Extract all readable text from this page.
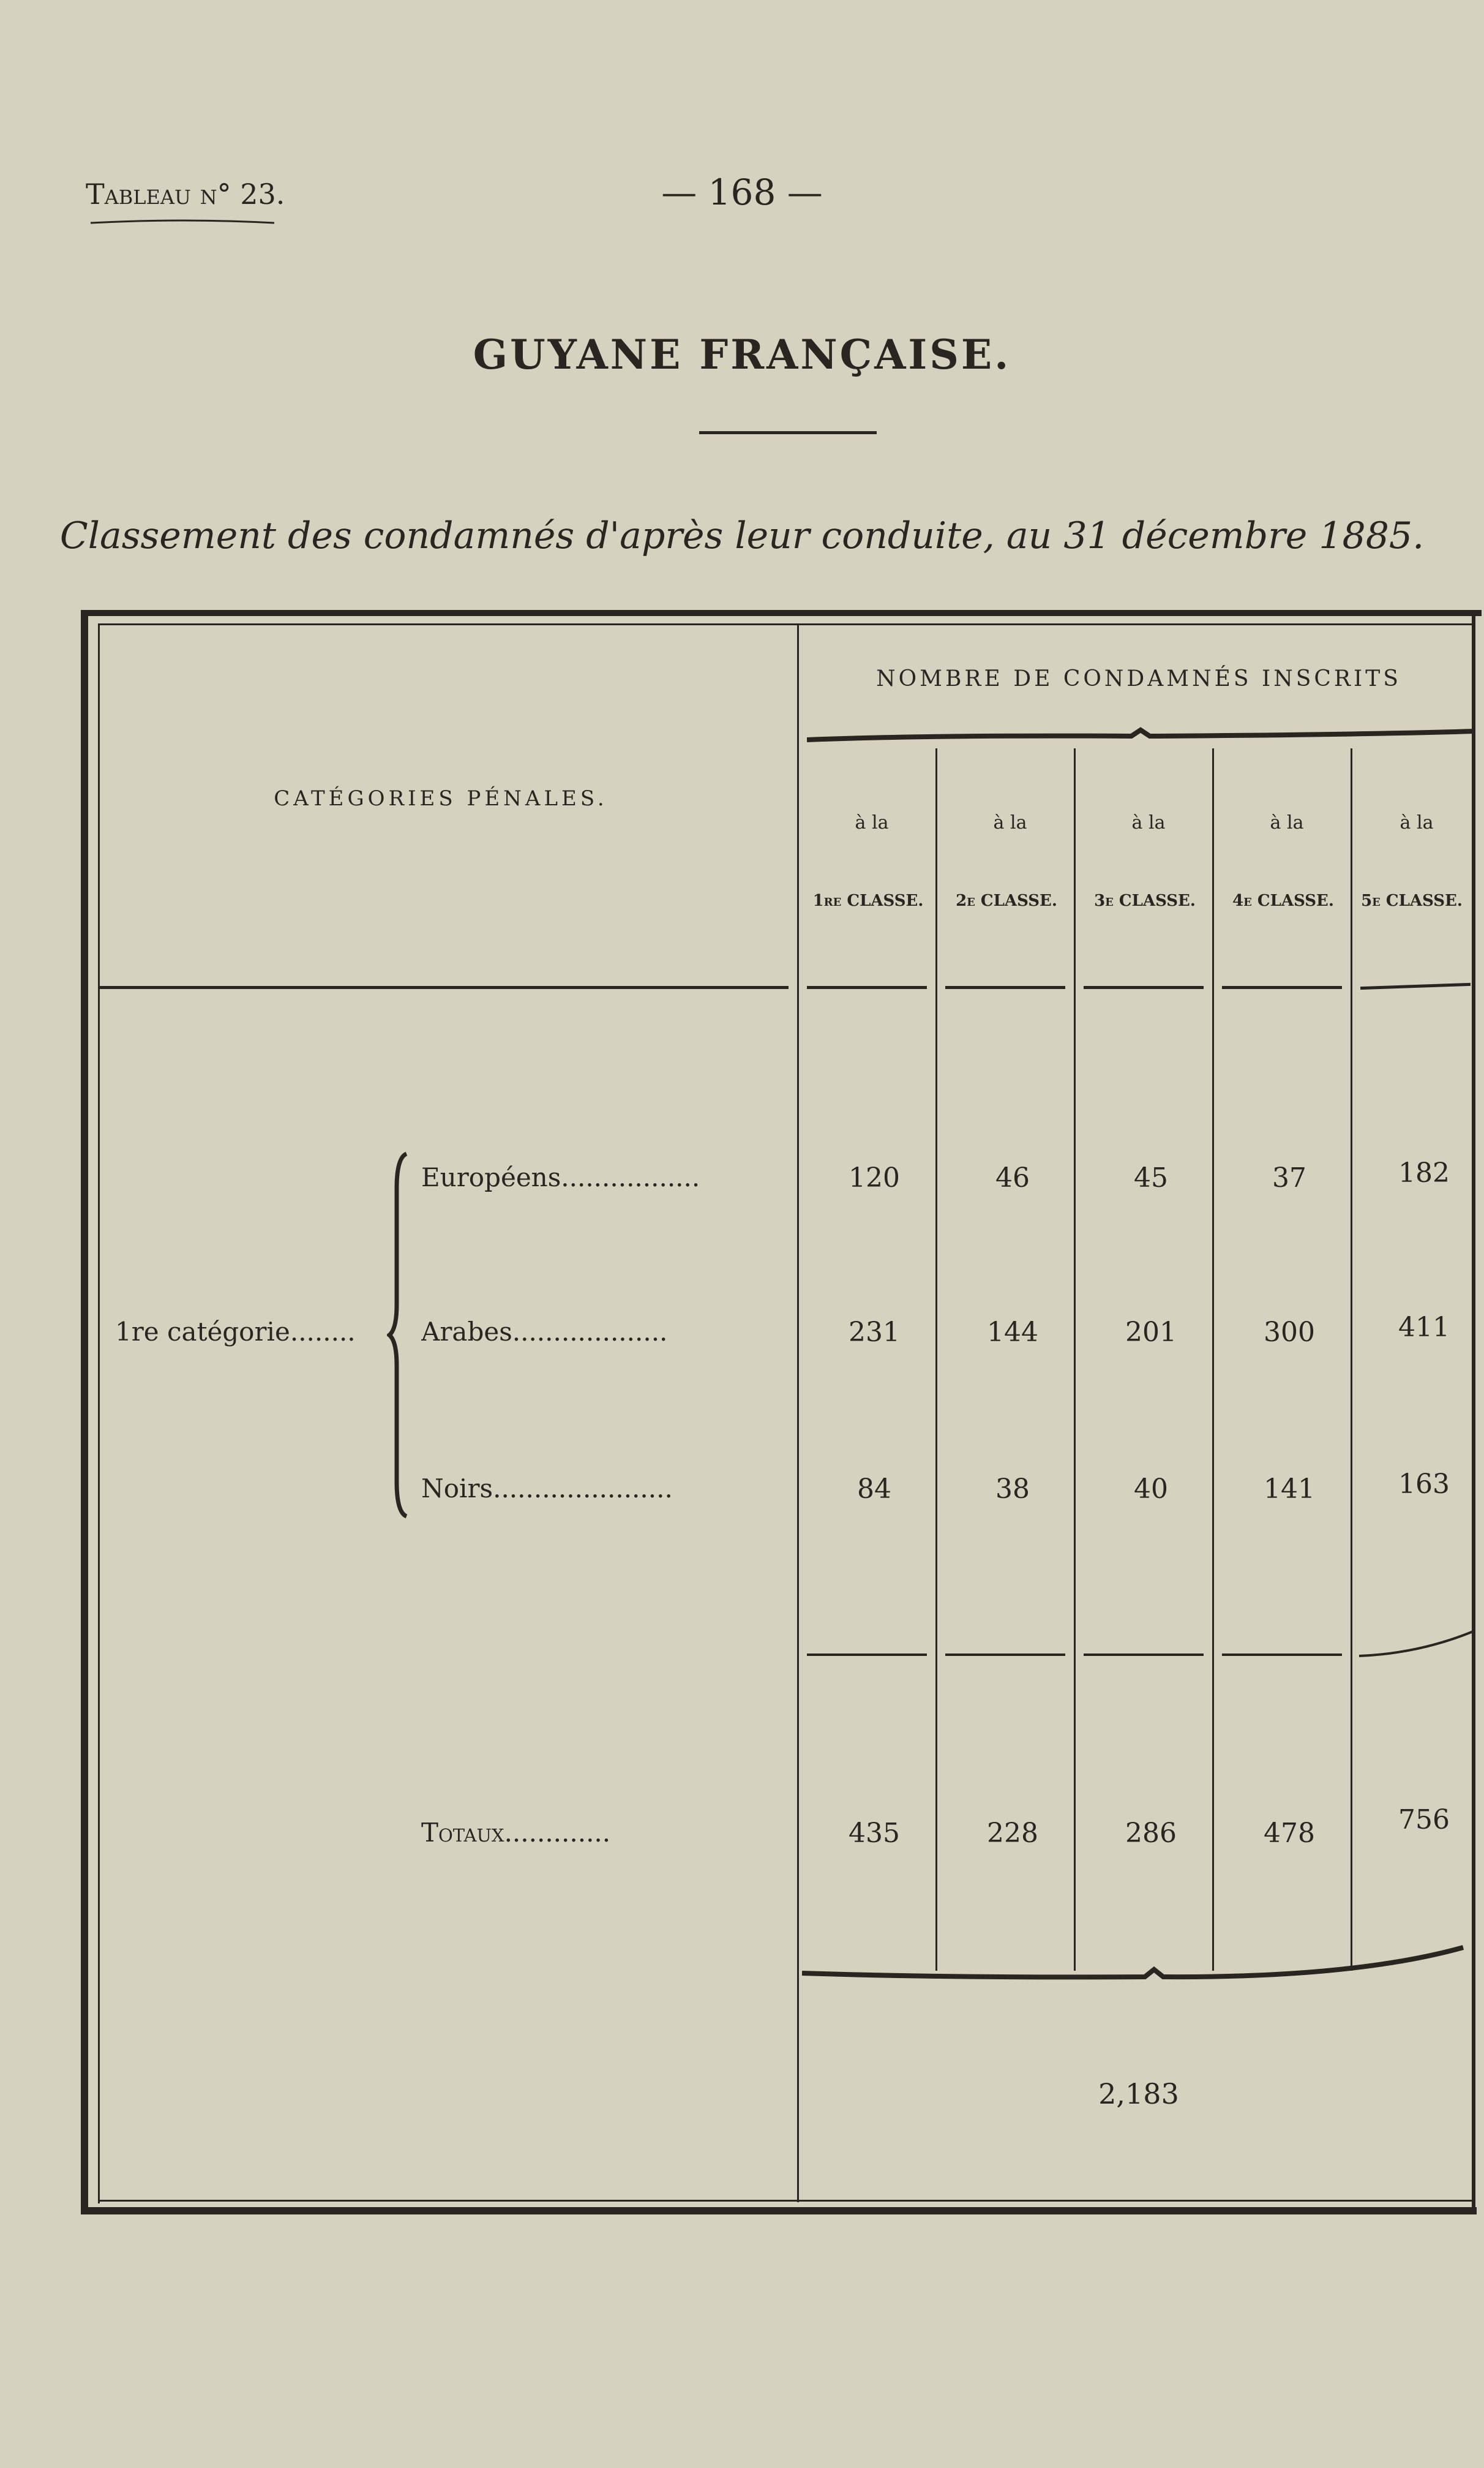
Tableau n° 23.	— 168 —
GUYANE FRANÇAISE.
Classement des condamnés d'après leur conduite, au 31 décembre 1885.
NOMBRE DE CONDAMNÉS INSCRITS
CATÉGORIES PÉNALES.
à la	à la	à la	à la	à la
1re CLASSE.	2e CLASSE.	3e CLASSE.	4e CLASSE.	5e CLASSE.
1re catégorie........
Européens.................	120	46	45	37	182
Arabes...................	231	144	201	300	411
Noirs......................	84	38	40	141	163
Totaux.............	435	228	286	478	756
2,183
